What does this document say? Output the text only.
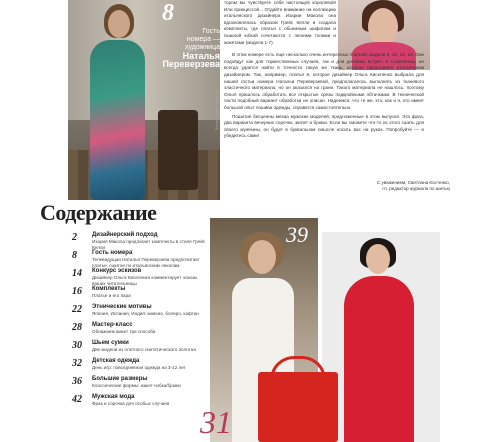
8
Гость
номера —
художница
Наталья
Переверзева
Фото: Сергей Шарков

тором вы чувствуете себя настоящей королевой! Или принцессой... Отдайте внимание на коллекцию итальянского дизайнера Изарии Макола она вдохновлялась образом Грейс Келли и создала комплекты, где платья с обьемным шифоном и пышной юбкой сочетаются с легкими топами и жакетами (модели 1-7).

В этом номере есть еще несколько очень интересных платьев: модели 6, 10, 12, 19. Они подойдут как для торжественных случаев, так и для деловых встреч. К сожалению, не всегда удается найти в точности такую же ткань, которая предложена итальянским дизайнером. Так, например, платье 8, которое дизайнер Ольга Киселенко выбрала для нашей гостьи номера Натальи Переверзевой, предполагалось выполнять из тканевого эластичного материала, но он оказался на грани. Такого материала не нашлось, поэтому Ольге пришлось обработать все открытые срезы подкройными обтачками. В технической части подобный вариант обработки не описан. Надеемся, что те же, кто, как и я, кто имеет большой опыт пошива одежды, справятся самостоятельно.

Пошитие бесценны мехаа мужских моделей, предложенные в этом выпуске. Эта фраз, два варианта вечерних сорочек, жилет и брюки. Если вы сможете что-то из этого сшить для своего мужчины, он будет в буквальном смысле носить вас на руках. Попробуйте — и убедитесь сами!

С уважением, Светлана Костенко,
гл. редактор журнала по шитью
Содержание
2	Дизайнерский подход
Изария Макола предлагает комплекты в стиле Грейс Келли
8	Гость номера
Телеведущая Наталья Переверзева предпочитает платье, сшитое по итальянским лекалам
14 Конкурс эскизов
Дизайнер Ольга Киселенко комментирует эскизы ваших читательницы
16 Комплекты
Платье и его пара
22 Этнические мотивы
Япония, Испания, Индия: кимоно, болеро, кафтан
28 Мастер-класс
Обнажаем жакет три способа
30 Шьем сумки
Две модели из плотного синтетического полотна
32 Детская одежда
День игр: повседневная одежда на 3-12 лет
36 Большие размеры
Классические формы: жакет+юбка/брюки
42 Мужская мода
Фрак и сорочка для особых случаев
39
31
